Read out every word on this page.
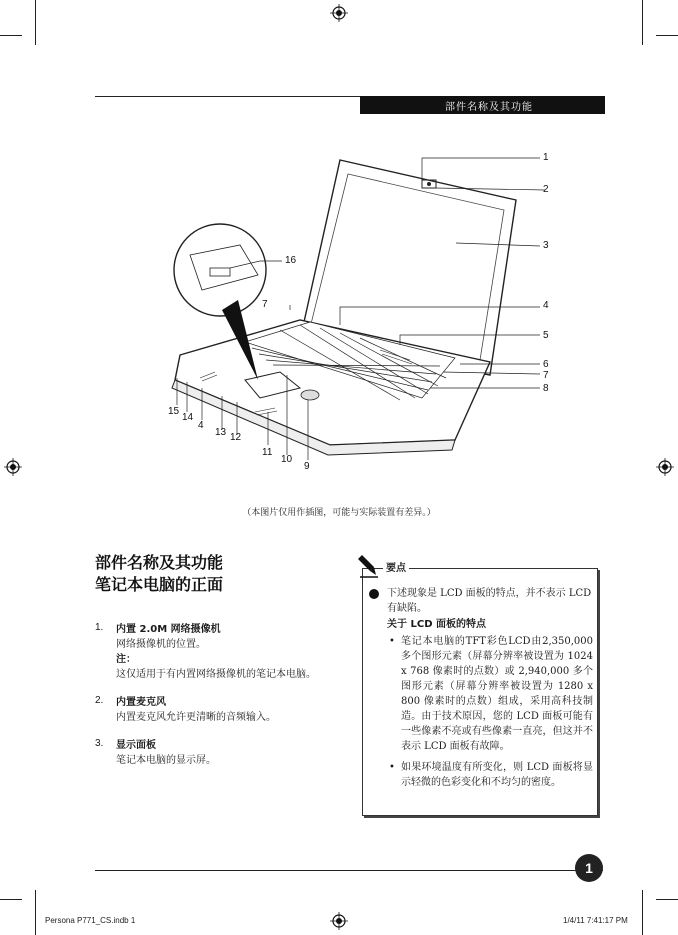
部件名称及其功能
1
2
3
4
5
6
7
8
16
7
15
14
4
13 12
11
10
9
（本图片仅用作插图，可能与实际装置有差异。）
部件名称及其功能
笔记本电脑的正面
1. 内置 2.0M 网络摄像机
网络摄像机的位置。
注：
这仅适用于有内置网络摄像机的笔记本电脑。
2. 内置麦克风
内置麦克风允许更清晰的音频输入。
3. 显示面板
笔记本电脑的显示屏。
要点
下述现象是 LCD 面板的特点，并不表示 LCD 有缺陷。
关于 LCD 面板的特点
• 笔记本电脑的TFT彩色LCD由2,350,000多个图形元素（屏幕分辨率被设置为 1024 x 768 像素时的点数）或 2,940,000 多个图形元素（屏幕分辨率被设置为 1280 x 800 像素时的点数）组成，采用高科技制造。由于技术原因，您的 LCD 面板可能有一些像素不亮或有些像素一直亮，但这并不表示 LCD 面板有故障。
• 如果环境温度有所变化，则 LCD 面板将显示轻微的色彩变化和不均匀的密度。
1
Persona P771_CS.indb 1	1/4/11 7:41:17 PM
